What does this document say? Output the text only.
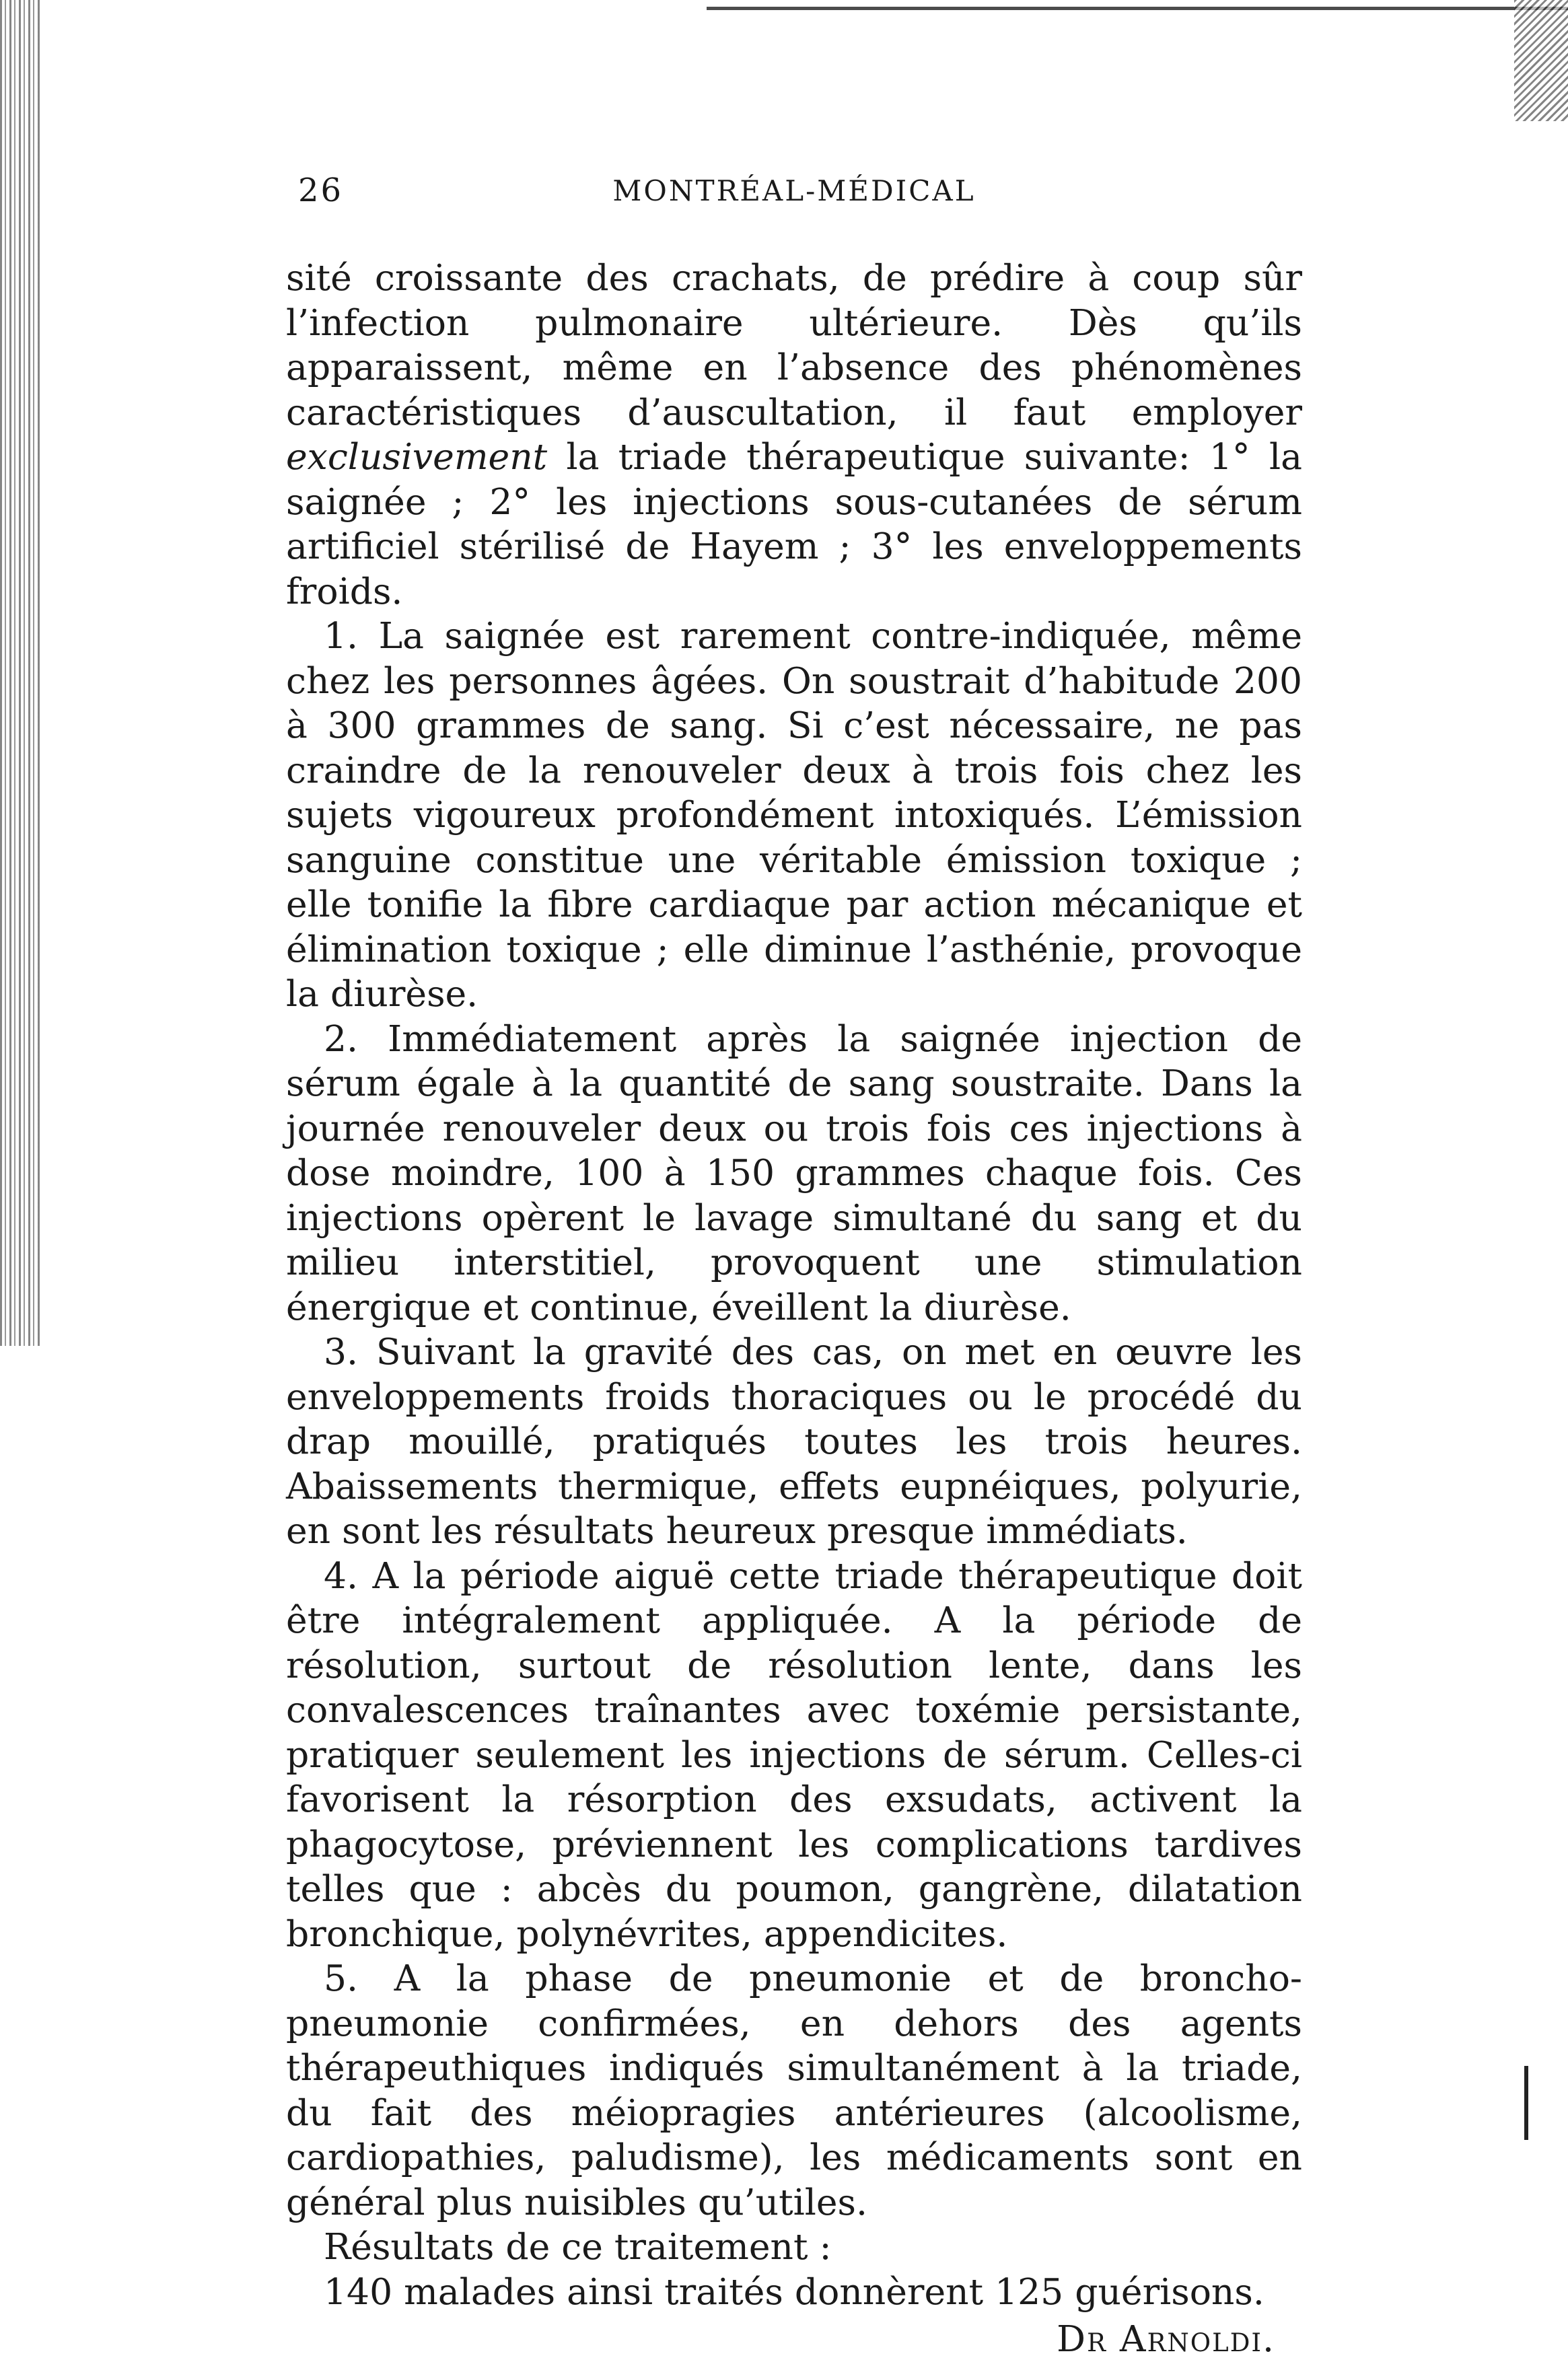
26	MONTRÉAL-MÉDICAL

sité croissante des crachats, de prédire à coup sûr l’infection pulmonaire ultérieure. Dès qu’ils apparaissent, même en l’absence des phénomènes caractéristiques d’auscultation, il faut employer exclusivement la triade thérapeutique suivante: 1° la saignée ; 2° les injections sous-cutanées de sérum artificiel stérilisé de Hayem ; 3° les enveloppements froids.

1. La saignée est rarement contre-indiquée, même chez les personnes âgées. On soustrait d’habitude 200 à 300 grammes de sang. Si c’est nécessaire, ne pas craindre de la renouveler deux à trois fois chez les sujets vigoureux profondément intoxiqués. L’émission sanguine constitue une véritable émission toxique ; elle tonifie la fibre cardiaque par action mécanique et élimination toxique ; elle diminue l’asthénie, provoque la diurèse.

2. Immédiatement après la saignée injection de sérum égale à la quantité de sang soustraite. Dans la journée renouveler deux ou trois fois ces injections à dose moindre, 100 à 150 grammes chaque fois. Ces injections opèrent le lavage simultané du sang et du milieu interstitiel, provoquent une stimulation énergique et continue, éveillent la diurèse.

3. Suivant la gravité des cas, on met en œuvre les enveloppements froids thoraciques ou le procédé du drap mouillé, pratiqués toutes les trois heures. Abaissements thermique, effets eupnéiques, polyurie, en sont les résultats heureux presque immédiats.

4. A la période aiguë cette triade thérapeutique doit être intégralement appliquée. A la période de résolution, surtout de résolution lente, dans les convalescences traînantes avec toxémie persistante, pratiquer seulement les injections de sérum. Celles-ci favorisent la résorption des exsudats, activent la phagocytose, préviennent les complications tardives telles que : abcès du poumon, gangrène, dilatation bronchique, polynévrites, appendicites.

5. A la phase de pneumonie et de broncho-pneumonie confirmées, en dehors des agents thérapeuthiques indiqués simultanément à la triade, du fait des méiopragies antérieures (alcoolisme, cardiopathies, paludisme), les médicaments sont en général plus nuisibles qu’utiles.

Résultats de ce traitement :

140 malades ainsi traités donnèrent 125 guérisons.

Dr Arnoldi.
